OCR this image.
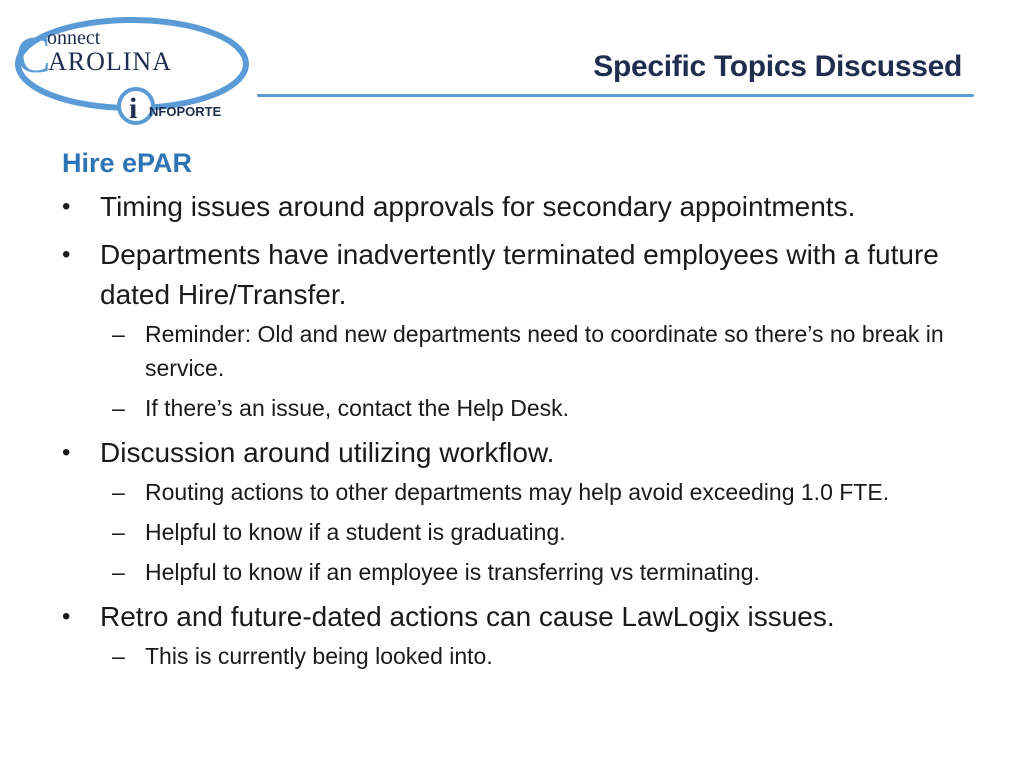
C
onnect
AROLINA
i NFOPORTE
Specific Topics Discussed
Hire ePAR
•	Timing issues around approvals for secondary appointments.
•	Departments have inadvertently terminated employees with a future dated Hire/Transfer.
– Reminder: Old and new departments need to coordinate so there’s no break in service.
– If there’s an issue, contact the Help Desk.
•	Discussion around utilizing workflow.
– Routing actions to other departments may help avoid exceeding 1.0 FTE.
– Helpful to know if a student is graduating.
– Helpful to know if an employee is transferring vs terminating.
•	Retro and future-dated actions can cause LawLogix issues.
– This is currently being looked into.
